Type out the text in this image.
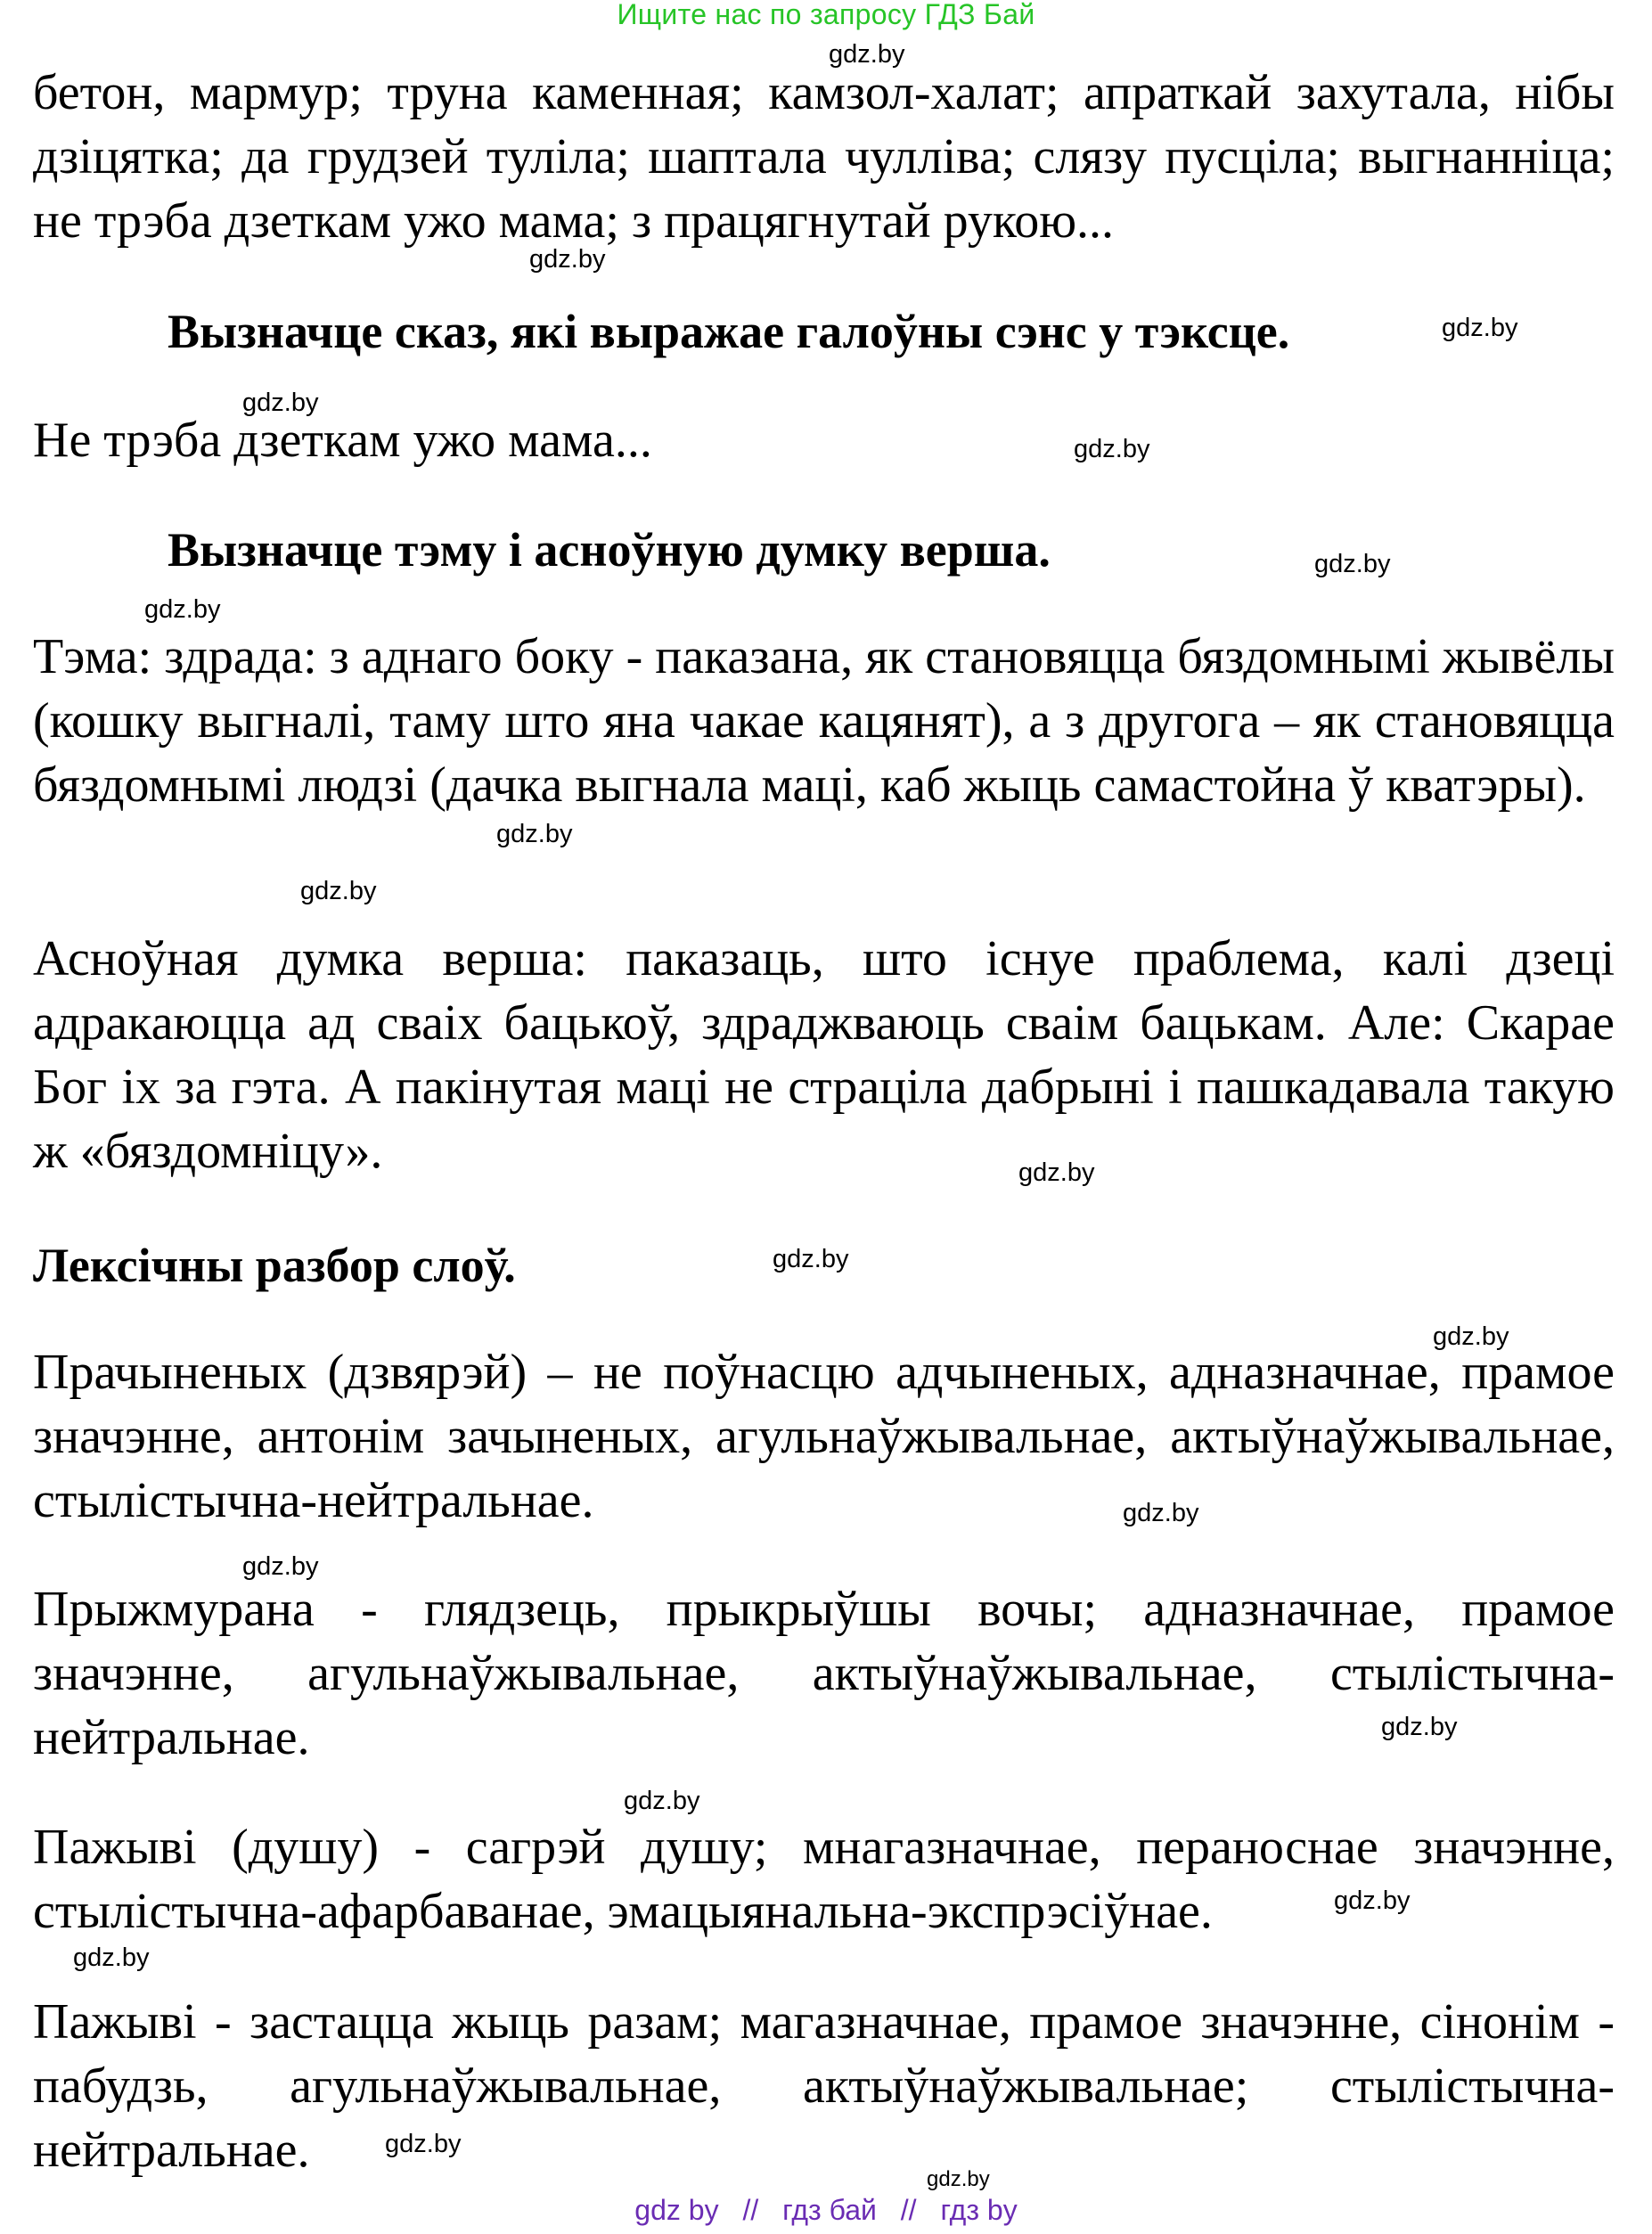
Ищите нас по запросу ГДЗ Бай
gdz.by
бетон, мармур; труна каменная; камзол-халат; апраткай захутала, нібы дзіцятка; да грудзей туліла; шаптала чулліва; слязу пусціла; выгнанніца; не трэба дзеткам ужо мама; з працягнутай рукою...
gdz.by
Вызначце сказ, які выражае галоўны сэнс у тэксце.	gdz.by
gdz.by
Не трэба дзеткам ужо мама...	gdz.by
Вызначце тэму і асноўную думку верша.	gdz.by
gdz.by
Тэма: здрада: з аднаго боку - паказана, як становяцца бяздомнымі жывёлы (кошку выгналі, таму што яна чакае кацянят), а з другога – як становяцца бяздомнымі людзі (дачка выгнала маці, каб жыць самастойна ў кватэры).
gdz.by
gdz.by
Асноўная думка верша: паказаць, што існуе праблема, калі дзеці адракаюцца ад сваіх бацькоў, здраджваюць сваім бацькам. Але: Скарае Бог іх за гэта. А пакінутая маці не страціла дабрыні і пашкадавала такую ж «бяздомніцу».	gdz.by
Лексічны разбор слоў.	gdz.by
gdz.by
Прачыненых (дзвярэй) – не поўнасцю адчыненых, адназначнае, прамое значэнне, антонім зачыненых, агульнаўжывальнае, актыўнаўжывальнае, стылістычна-нейтральнае.	gdz.by
gdz.by
Прыжмурана - глядзець, прыкрыўшы вочы; адназначнае, прамое значэнне, агульнаўжывальнае, актыўнаўжывальнае, стылістычна-нейтральнае.	gdz.by
gdz.by
Пажыві (душу) - сагрэй душу; мнагазначнае, пераноснае значэнне, стылістычна-афарбаванае, эмацыянальна-экспрэсіўнае.	gdz.by
gdz.by
Пажыві - застацца жыць разам; магазначнае, прамое значэнне, сінонім - пабудзь, агульнаўжывальнае, актыўнаўжывальнае; стылістычна-нейтральнае.	gdz.by
gdz.by
gdz by // гдз бай // гдз by
